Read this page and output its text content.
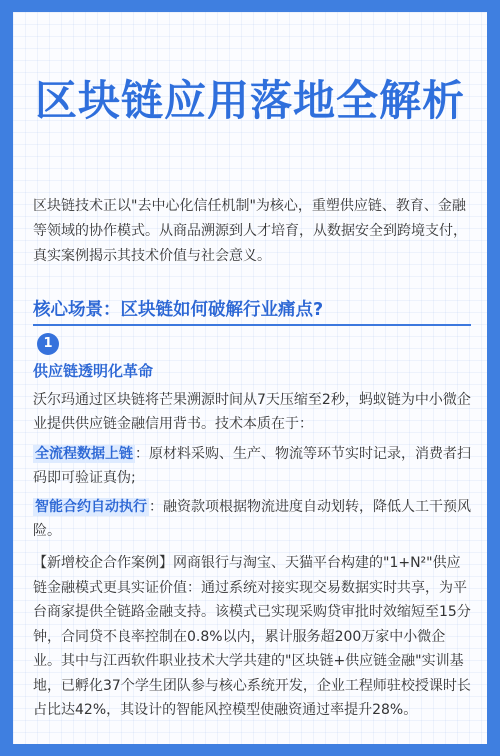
区块链应用落地全解析
区块链技术正以"去中心化信任机制"为核心，重塑供应链、教育、金融等领域的协作模式。从商品溯源到人才培育，从数据安全到跨境支付，真实案例揭示其技术价值与社会意义。
核心场景：区块链如何破解行业痛点?
1
供应链透明化革命
沃尔玛通过区块链将芒果溯源时间从7天压缩至2秒，蚂蚁链为中小微企业提供供应链金融信用背书。技术本质在于：
全流程数据上链 ：原材料采购、生产、物流等环节实时记录，消费者扫码即可验证真伪;
智能合约自动执行 ：融资款项根据物流进度自动划转，降低人工干预风险。
【新增校企合作案例】网商银行与淘宝、天猫平台构建的"1+N²"供应链金融模式更具实证价值：通过系统对接实现交易数据实时共享，为平台商家提供全链路金融支持。该模式已实现采购贷审批时效缩短至15分钟，合同贷不良率控制在0.8%以内，累计服务超200万家中小微企业。其中与江西软件职业技术大学共建的"区块链+供应链金融"实训基地，已孵化37个学生团队参与核心系统开发，企业工程师驻校授课时长占比达42%，其设计的智能风控模型使融资通过率提升28%。
